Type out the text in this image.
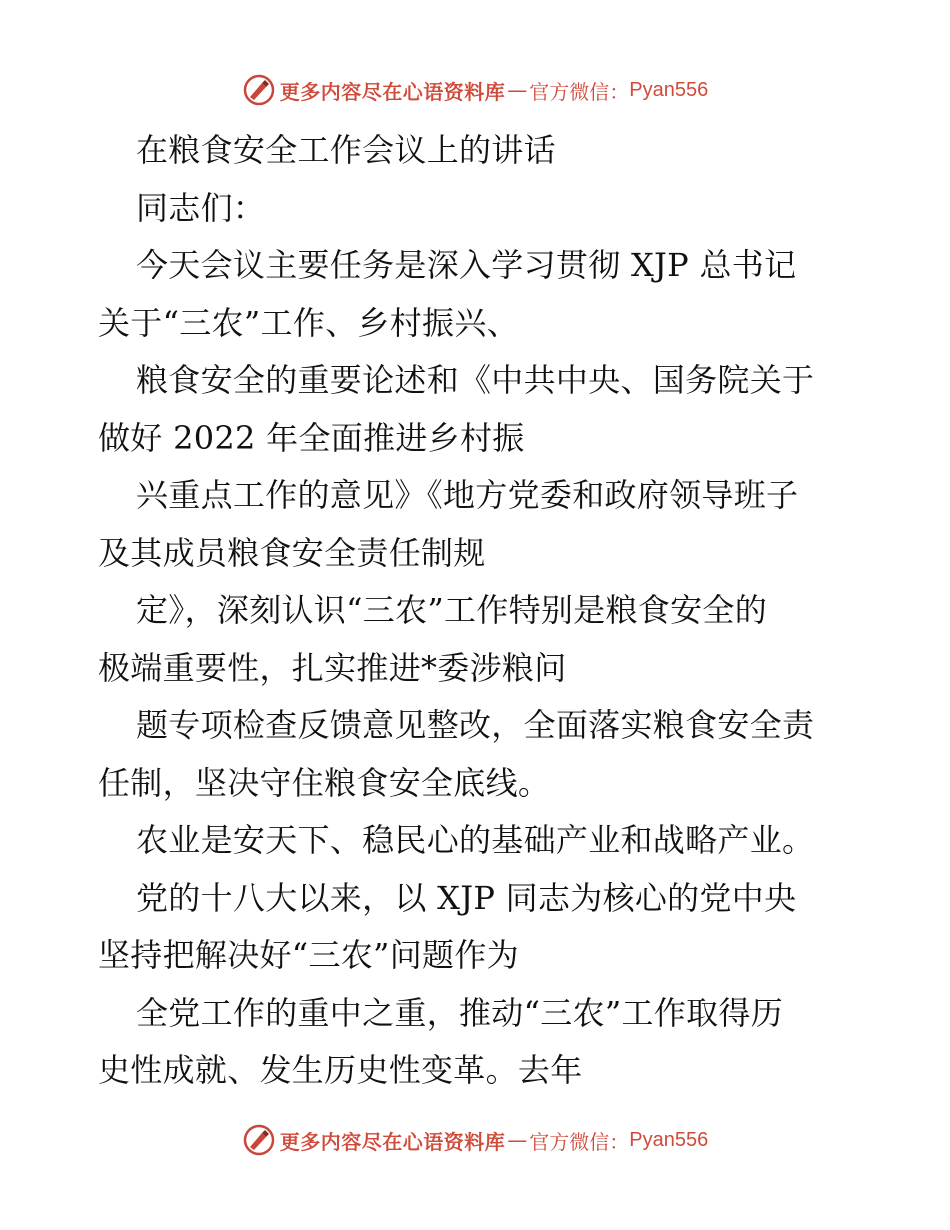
更多内容尽在心语资料库 — 官方微信： Pyan556
在粮食安全工作会议上的讲话
同志们：
今天会议主要任务是深入学习贯彻 XJP 总书记
关于“三农”工作、乡村振兴、
粮食安全的重要论述和《中共中央、国务院关于
做好 2022 年全面推进乡村振
兴重点工作的意见》《地方党委和政府领导班子
及其成员粮食安全责任制规
定》，深刻认识“三农”工作特别是粮食安全的
极端重要性，扎实推进*委涉粮问
题专项检查反馈意见整改，全面落实粮食安全责
任制，坚决守住粮食安全底线。
农业是安天下、稳民心的基础产业和战略产业。
党的十八大以来，以 XJP 同志为核心的党中央
坚持把解决好“三农”问题作为
全党工作的重中之重，推动“三农”工作取得历
史性成就、发生历史性变革。去年
更多内容尽在心语资料库 — 官方微信： Pyan556
